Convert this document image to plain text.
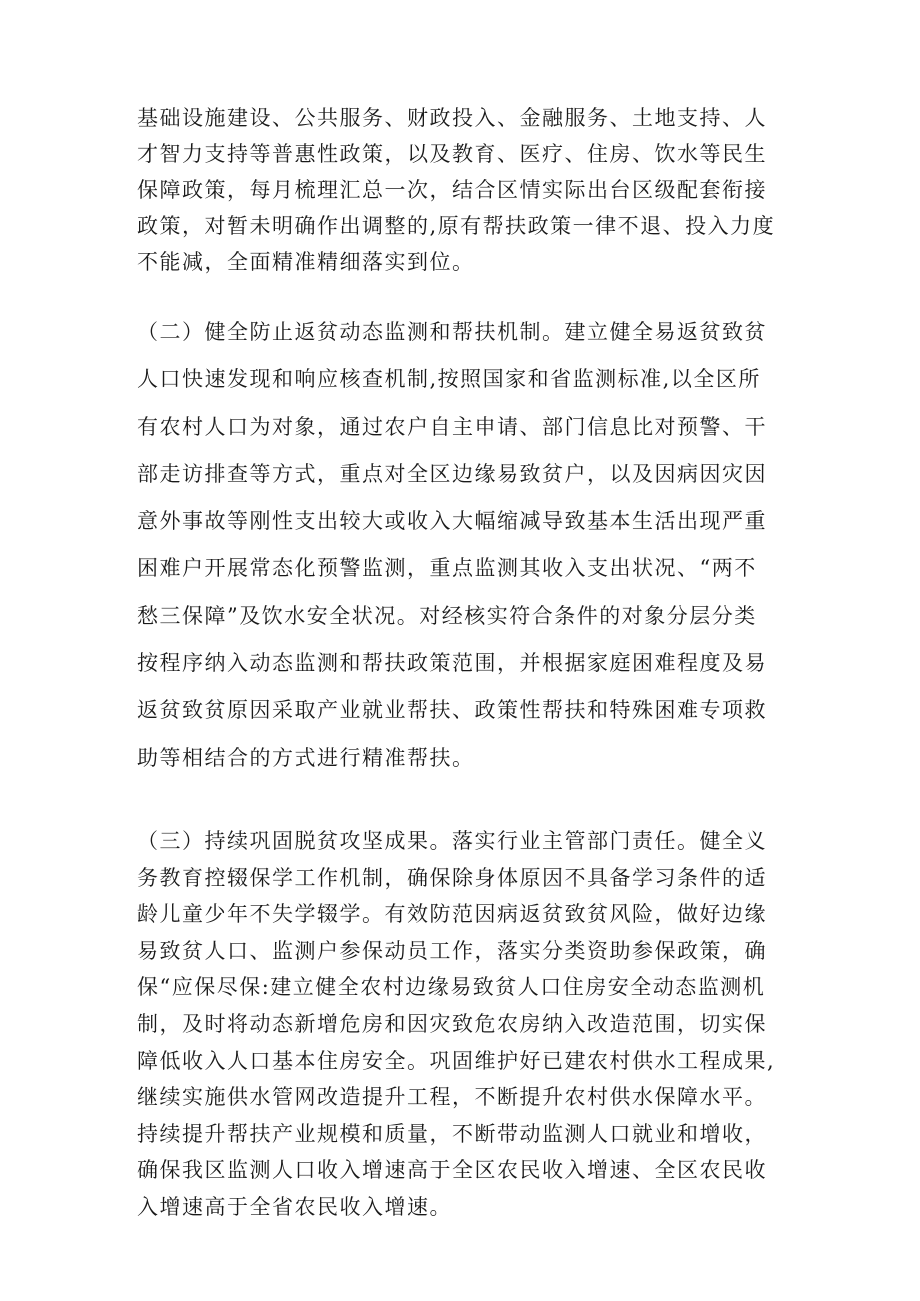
基础设施建设、公共服务、财政投入、金融服务、土地支持、人
才智力支持等普惠性政策，以及教育、医疗、住房、饮水等民生
保障政策，每月梳理汇总一次，结合区情实际出台区级配套衔接
政策，对暂未明确作出调整的,原有帮扶政策一律不退、投入力度
不能减，全面精准精细落实到位。
（二）健全防止返贫动态监测和帮扶机制。建立健全易返贫致贫
人口快速发现和响应核查机制,按照国家和省监测标准,以全区所
有农村人口为对象，通过农户自主申请、部门信息比对预警、干
部走访排查等方式，重点对全区边缘易致贫户，以及因病因灾因
意外事故等刚性支出较大或收入大幅缩减导致基本生活出现严重
困难户开展常态化预警监测，重点监测其收入支出状况、“两不
愁三保障”及饮水安全状况。对经核实符合条件的对象分层分类
按程序纳入动态监测和帮扶政策范围，并根据家庭困难程度及易
返贫致贫原因采取产业就业帮扶、政策性帮扶和特殊困难专项救
助等相结合的方式进行精准帮扶。
（三）持续巩固脱贫攻坚成果。落实行业主管部门责任。健全义
务教育控辍保学工作机制，确保除身体原因不具备学习条件的适
龄儿童少年不失学辍学。有效防范因病返贫致贫风险，做好边缘
易致贫人口、监测户参保动员工作，落实分类资助参保政策，确
保“应保尽保:建立健全农村边缘易致贫人口住房安全动态监测机
制，及时将动态新增危房和因灾致危农房纳入改造范围，切实保
障低收入人口基本住房安全。巩固维护好已建农村供水工程成果,
继续实施供水管网改造提升工程，不断提升农村供水保障水平。
持续提升帮扶产业规模和质量，不断带动监测人口就业和增收，
确保我区监测人口收入增速高于全区农民收入增速、全区农民收
入增速高于全省农民收入增速。
